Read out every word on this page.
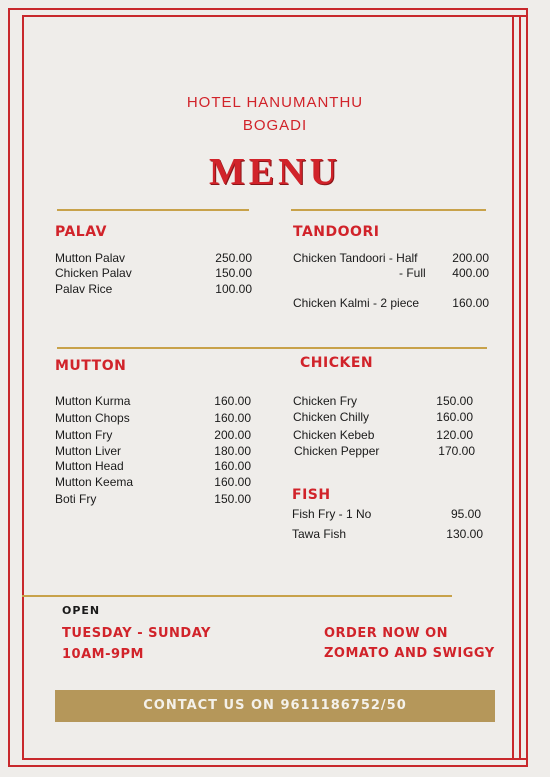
HOTEL HANUMANTHU
BOGADI
MENU
PALAV
Mutton Palav	250.00
Chicken Palav	150.00
Palav Rice	100.00
TANDOORI
Chicken Tandoori - Half	200.00
- Full	400.00
Chicken Kalmi - 2 piece	160.00
MUTTON
Mutton Kurma	160.00
Mutton Chops	160.00
Mutton Fry	200.00
Mutton Liver	180.00
Mutton Head	160.00
Mutton Keema	160.00
Boti Fry	150.00
CHICKEN
Chicken Fry	150.00
Chicken Chilly	160.00
Chicken Kebeb	120.00
Chicken Pepper	170.00
FISH
Fish Fry - 1 No	95.00
Tawa Fish	130.00
OPEN
TUESDAY - SUNDAY
10AM-9PM
ORDER NOW ON
ZOMATO AND SWIGGY
CONTACT US ON 9611186752/50
